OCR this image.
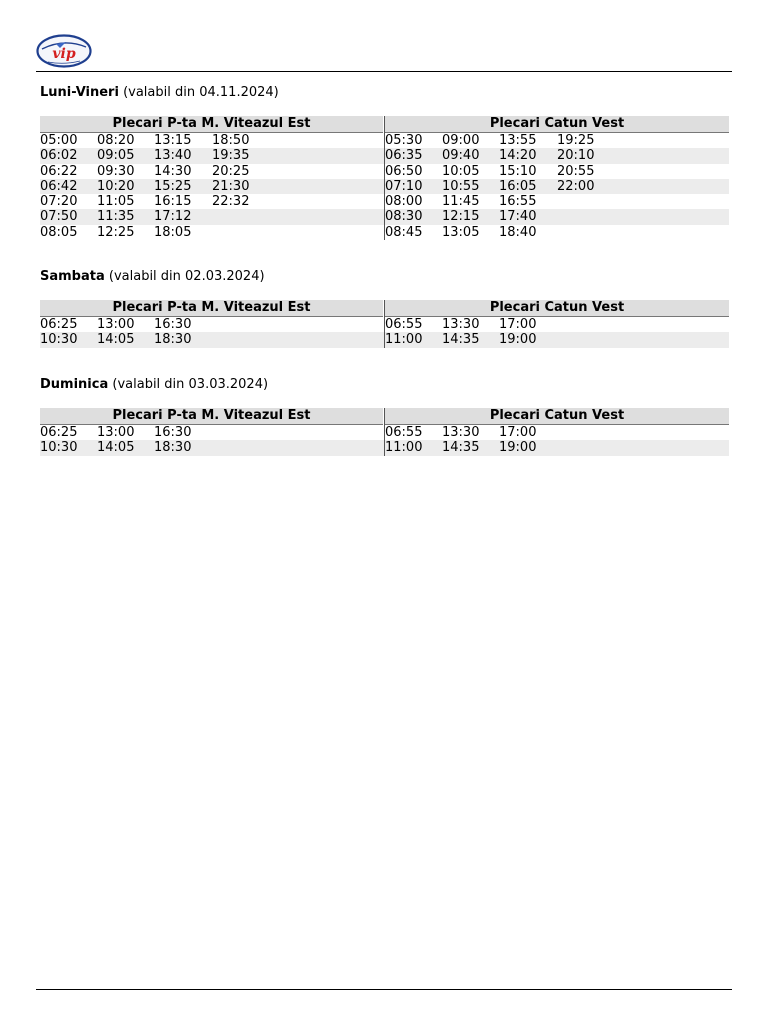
vip
Luni-Vineri (valabil din 04.11.2024)
Plecari P-ta M. Viteazul Est
05:00 08:20 13:15 18:50
06:02 09:05 13:40 19:35
06:22 09:30 14:30 20:25
06:42 10:20 15:25 21:30
07:20 11:05 16:15 22:32
07:50 11:35 17:12
08:05 12:25 18:05
Plecari Catun Vest
05:30 09:00 13:55 19:25
06:35 09:40 14:20 20:10
06:50 10:05 15:10 20:55
07:10 10:55 16:05 22:00
08:00 11:45 16:55
08:30 12:15 17:40
08:45 13:05 18:40
Sambata (valabil din 02.03.2024)
Plecari P-ta M. Viteazul Est
06:25 13:00 16:30
10:30 14:05 18:30
Plecari Catun Vest
06:55 13:30 17:00
11:00 14:35 19:00
Duminica (valabil din 03.03.2024)
Plecari P-ta M. Viteazul Est
06:25 13:00 16:30
10:30 14:05 18:30
Plecari Catun Vest
06:55 13:30 17:00
11:00 14:35 19:00
